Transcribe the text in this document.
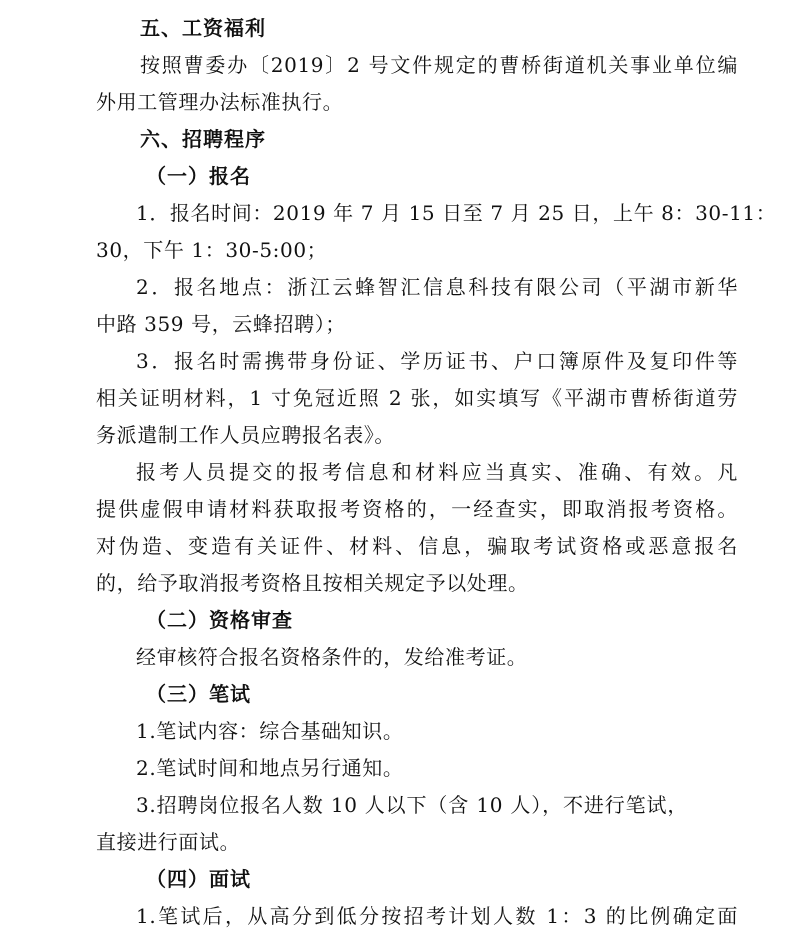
五、工资福利
按照曹委办〔2019〕2 号文件规定的曹桥街道机关事业单位编
外用工管理办法标准执行。
六、招聘程序
（一）报名
1．报名时间：2019 年 7 月 15 日至 7 月 25 日，上午 8：30-11：
30，下午 1：30-5:00；
2．报名地点：浙江云蜂智汇信息科技有限公司（平湖市新华
中路 359 号，云蜂招聘）；
3．报名时需携带身份证、学历证书、户口簿原件及复印件等
相关证明材料，1 寸免冠近照 2 张，如实填写《平湖市曹桥街道劳
务派遣制工作人员应聘报名表》。
报考人员提交的报考信息和材料应当真实、准确、有效。凡
提供虚假申请材料获取报考资格的，一经查实，即取消报考资格。
对伪造、变造有关证件、材料、信息，骗取考试资格或恶意报名
的，给予取消报考资格且按相关规定予以处理。
（二）资格审查
经审核符合报名资格条件的，发给准考证。
（三）笔试
1.笔试内容：综合基础知识。
2.笔试时间和地点另行通知。
3.招聘岗位报名人数 10 人以下（含 10 人），不进行笔试，
直接进行面试。
（四）面试
1.笔试后，从高分到低分按招考计划人数 1：3 的比例确定面
